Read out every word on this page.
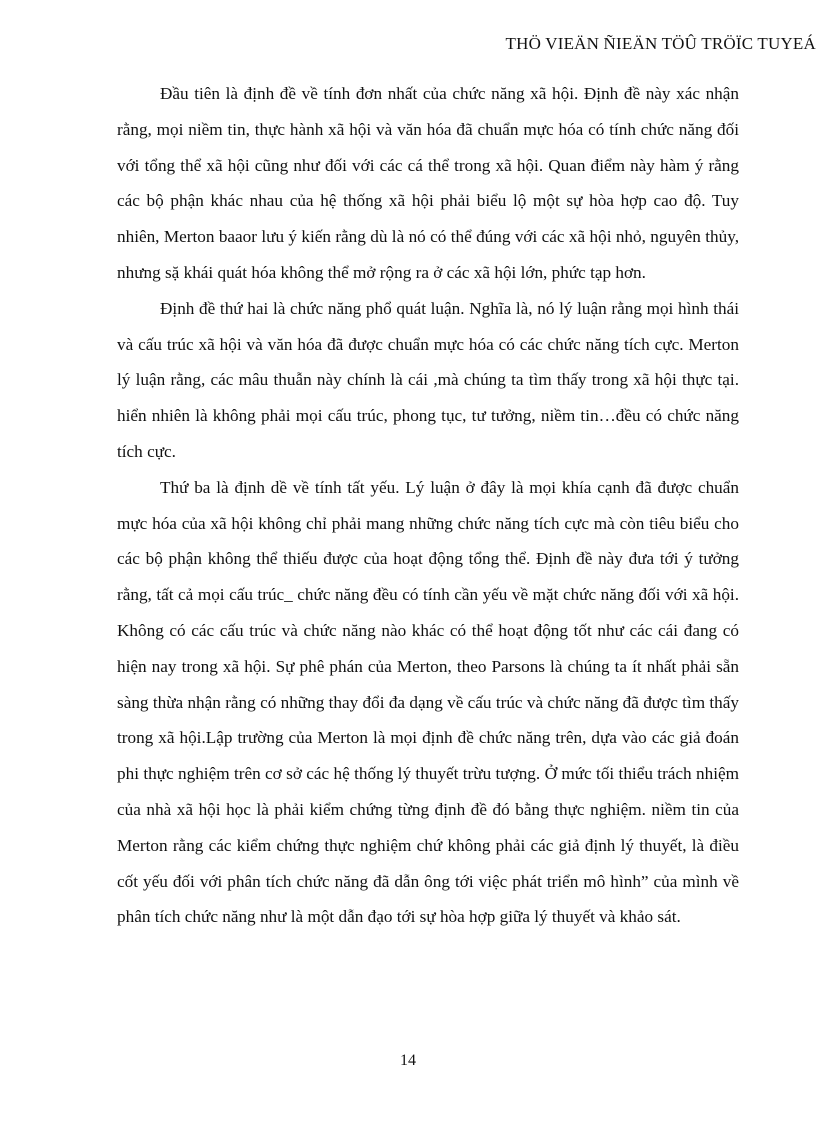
THÖ VIEÄN ÑIEÄN TÖÛ TRÖÏC TUYEÁ

Đầu tiên là định đề về tính đơn nhất của chức năng xã hội. Định đề này xác nhận rằng, mọi niềm tin, thực hành xã hội và văn hóa đã chuẩn mực hóa có tính chức năng đối với tổng thể xã hội cũng như đối với các cá thể trong xã hội. Quan điểm này hàm ý rằng các bộ phận khác nhau của hệ thống xã hội phải biểu lộ một sự hòa hợp cao độ. Tuy nhiên, Merton baaor lưu ý kiến rằng dù là nó có thể đúng với các xã hội nhỏ, nguyên thủy, nhưng sặ khái quát hóa không thể mở rộng ra ở các xã hội lớn, phức tạp hơn.

Định đề thứ hai là chức năng phổ quát luận. Nghĩa là, nó lý luận rằng mọi hình thái và cấu trúc xã hội và văn hóa đã được chuẩn mực hóa có các chức năng tích cực. Merton lý luận rằng, các mâu thuẫn này chính là cái ,mà chúng ta tìm thấy trong xã hội thực tại. hiển nhiên là không phải mọi cấu trúc, phong tục, tư tưởng, niềm tin…đều có chức năng tích cực.

Thứ ba là định dề về tính tất yếu. Lý luận ở đây là mọi khía cạnh đã được chuẩn mực hóa của xã hội không chỉ phải mang những chức năng tích cực mà còn tiêu biểu cho các bộ phận không thể thiếu được của hoạt động tổng thể. Định đề này đưa tới ý tưởng rằng, tất cả mọi cấu trúc_ chức năng đều có tính cần yếu về mặt chức năng đối với xã hội. Không có các cấu trúc và chức năng nào khác có thể hoạt động tốt như các cái đang có hiện nay trong xã hội. Sự phê phán của Merton, theo Parsons là chúng ta ít nhất phải sẵn sàng thừa nhận rằng có những thay đổi đa dạng về cấu trúc và chức năng đã được tìm thấy trong xã hội.Lập trường của Merton là mọi định đề chức năng trên, dựa vào các giả đoán phi thực nghiệm trên cơ sở các hệ thống lý thuyết trừu tượng. Ở mức tối thiểu trách nhiệm của nhà xã hội học là phải kiểm chứng từng định đề đó bằng thực nghiệm. niềm tin của Merton rằng các kiểm chứng thực nghiệm chứ không phải các giả định lý thuyết, là điều cốt yếu đối với phân tích chức năng đã dẫn ông tới việc phát triển mô hình” của mình về phân tích chức năng như là một dẫn đạo tới sự hòa hợp giữa lý thuyết và khảo sát.

14
